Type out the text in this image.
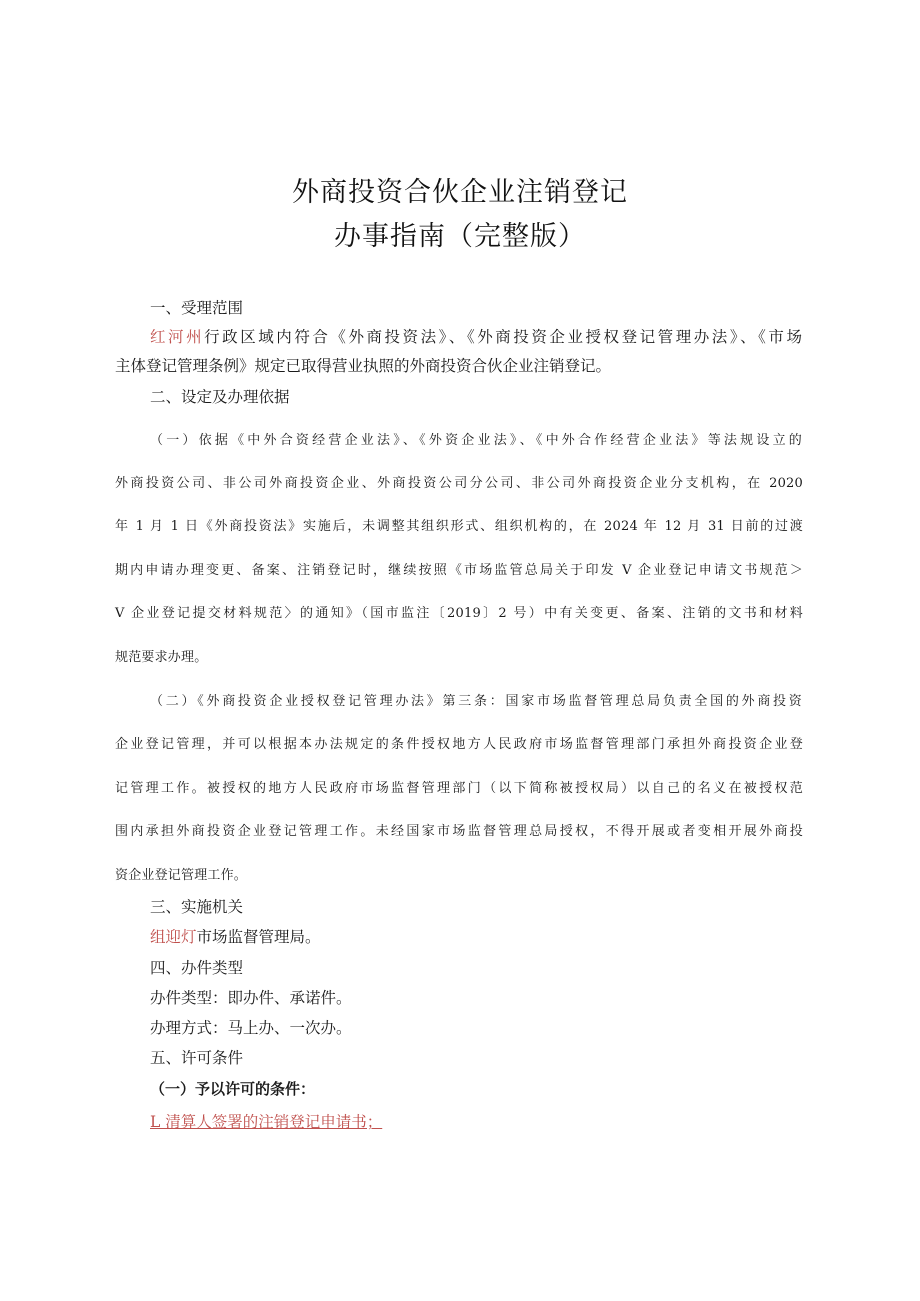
外商投资合伙企业注销登记
办事指南（完整版）
一、受理范围
红河州行政区域内符合《外商投资法》、《外商投资企业授权登记管理办法》、《市场
主体登记管理条例》规定已取得营业执照的外商投资合伙企业注销登记。
二、设定及办理依据
（一）依据《中外合资经营企业法》、《外资企业法》、《中外合作经营企业法》等法规设立的
外商投资公司、非公司外商投资企业、外商投资公司分公司、非公司外商投资企业分支机构，在 2020
年 1 月 1 日《外商投资法》实施后，未调整其组织形式、组织机构的，在 2024 年 12 月 31 日前的过渡
期内申请办理变更、备案、注销登记时，继续按照《市场监管总局关于印发 V 企业登记申请文书规范＞
V 企业登记提交材料规范〉的通知》（国市监注〔2019〕2 号）中有关变更、备案、注销的文书和材料
规范要求办理。
（二）《外商投资企业授权登记管理办法》第三条：国家市场监督管理总局负责全国的外商投资
企业登记管理，并可以根据本办法规定的条件授权地方人民政府市场监督管理部门承担外商投资企业登
记管理工作。被授权的地方人民政府市场监督管理部门（以下简称被授权局）以自己的名义在被授权范
围内承担外商投资企业登记管理工作。未经国家市场监督管理总局授权，不得开展或者变相开展外商投
资企业登记管理工作。
三、实施机关
组迎灯市场监督管理局。
四、办件类型
办件类型：即办件、承诺件。
办理方式：马上办、一次办。
五、许可条件
（一）予以许可的条件：
L 清算人签署的注销登记申请书；
